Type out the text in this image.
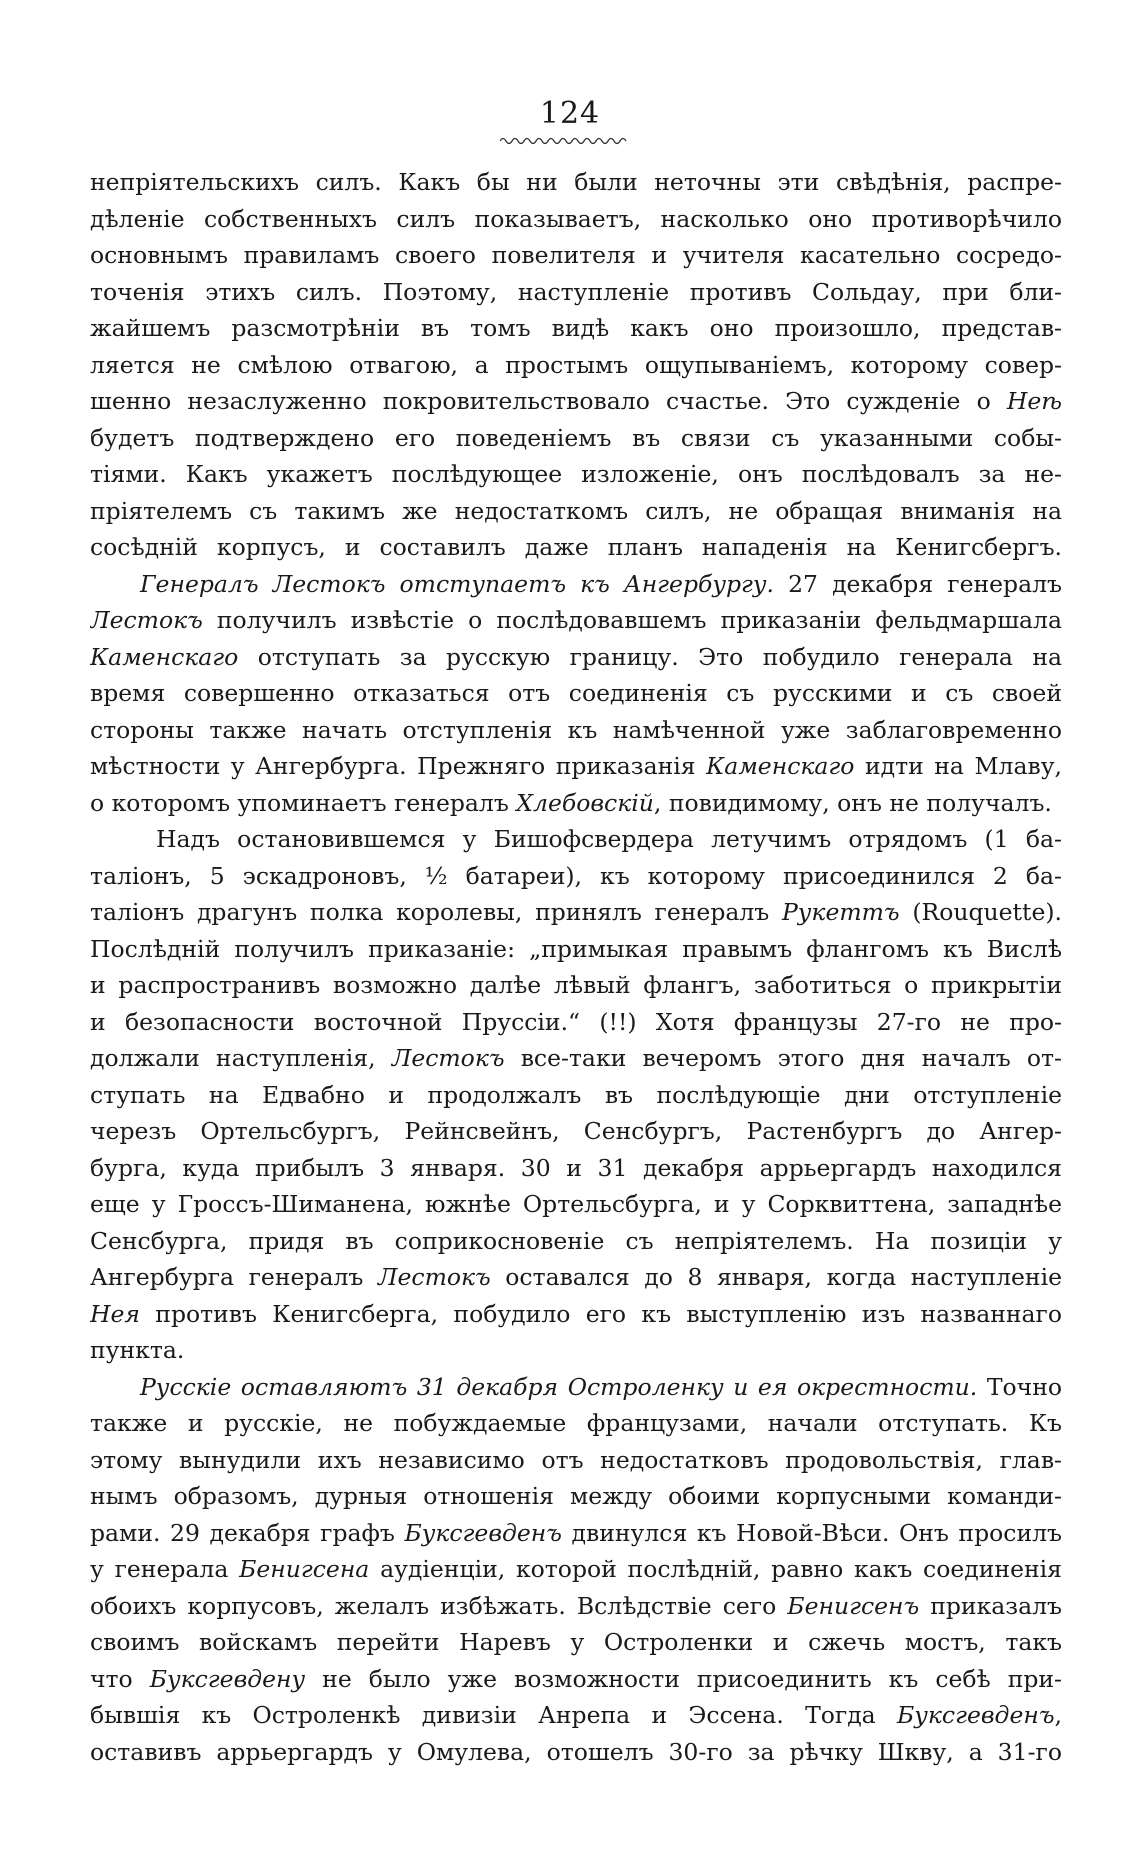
124
непріятельскихъ силъ. Какъ бы ни были неточны эти свѣдѣнія, распре-
дѣленіе собственныхъ силъ показываетъ, насколько оно противорѣчило
основнымъ правиламъ своего повелителя и учителя касательно сосредо-
точенія этихъ силъ. Поэтому, наступленіе противъ Сольдау, при бли-
жайшемъ разсмотрѣніи въ томъ видѣ какъ оно произошло, представ-
ляется не смѣлою отвагою, а простымъ ощупываніемъ, которому совер-
шенно незаслуженно покровительствовало счастье. Это сужденіе о Неѣ
будетъ подтверждено его поведеніемъ въ связи съ указанными собы-
тіями. Какъ укажетъ послѣдующее изложеніе, онъ послѣдовалъ за не-
пріятелемъ съ такимъ же недостаткомъ силъ, не обращая вниманія на
сосѣдній корпусъ, и составилъ даже планъ нападенія на Кенигсбергъ.
Генералъ Лестокъ отступаетъ къ Ангербургу. 27 декабря генералъ
Лестокъ получилъ извѣстіе о послѣдовавшемъ приказаніи фельдмаршала
Каменскаго отступать за русскую границу. Это побудило генерала на
время совершенно отказаться отъ соединенія съ русскими и съ своей
стороны также начать отступленія къ намѣченной уже заблаговременно
мѣстности у Ангербурга. Прежняго приказанія Каменскаго идти на Млаву,
о которомъ упоминаетъ генералъ Хлебовскій, повидимому, онъ не получалъ.
Надъ остановившемся у Бишофсвердера летучимъ отрядомъ (1 ба-
таліонъ, 5 эскадроновъ, ½ батареи), къ которому присоединился 2 ба-
таліонъ драгунъ полка королевы, принялъ генералъ Рукеттъ (Rouquette).
Послѣдній получилъ приказаніе: „примыкая правымъ флангомъ къ Вислѣ
и распространивъ возможно далѣе лѣвый флангъ, заботиться о прикрытіи
и безопасности восточной Пруссіи.“ (!!) Хотя французы 27-го не про-
должали наступленія, Лестокъ все-таки вечеромъ этого дня началъ от-
ступать на Едвабно и продолжалъ въ послѣдующіе дни отступленіе
черезъ Ортельсбургъ, Рейнсвейнъ, Сенсбургъ, Растенбургъ до Ангер-
бурга, куда прибылъ 3 января. 30 и 31 декабря аррьергардъ находился
еще у Гроссъ-Шиманена, южнѣе Ортельсбурга, и у Сорквиттена, западнѣе
Сенсбурга, придя въ соприкосновеніе съ непріятелемъ. На позиціи у
Ангербурга генералъ Лестокъ оставался до 8 января, когда наступленіе
Нея противъ Кенигсберга, побудило его къ выступленію изъ названнаго
пункта.
Русскіе оставляютъ 31 декабря Остроленку и ея окрестности. Точно
также и русскіе, не побуждаемые французами, начали отступать. Къ
этому вынудили ихъ независимо отъ недостатковъ продовольствія, глав-
нымъ образомъ, дурныя отношенія между обоими корпусными команди-
рами. 29 декабря графъ Буксгевденъ двинулся къ Новой-Вѣси. Онъ просилъ
у генерала Бенигсена аудіенціи, которой послѣдній, равно какъ соединенія
обоихъ корпусовъ, желалъ избѣжать. Вслѣдствіе сего Бенигсенъ приказалъ
своимъ войскамъ перейти Наревъ у Остроленки и сжечь мостъ, такъ
что Буксгевдену не было уже возможности присоединить къ себѣ при-
бывшія къ Остроленкѣ дивизіи Анрепа и Эссена. Тогда Буксгевденъ,
оставивъ аррьергардъ у Омулева, отошелъ 30-го за рѣчку Шкву, а 31-го
